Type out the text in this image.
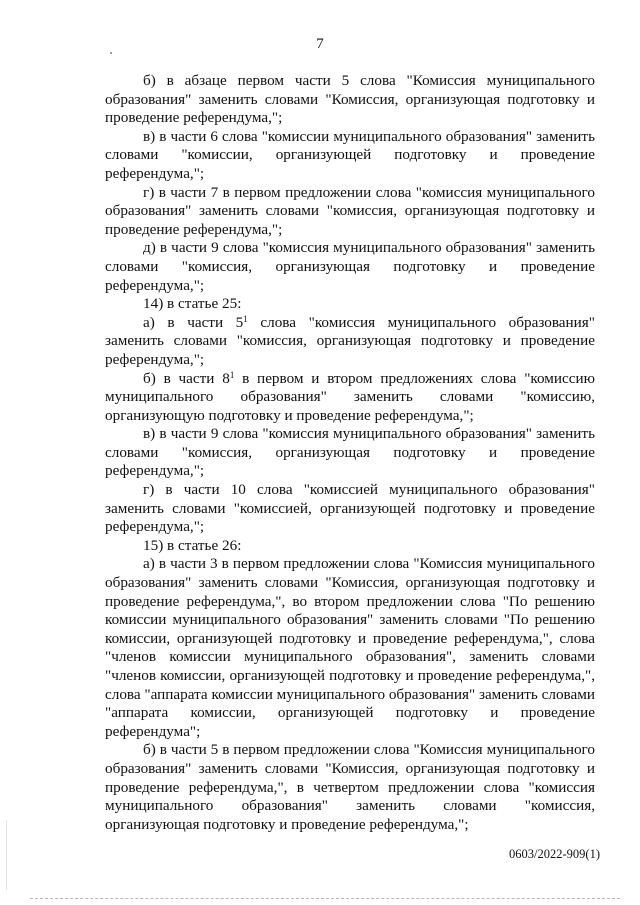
7

б) в абзаце первом части 5 слова "Комиссия муниципального образования" заменить словами "Комиссия, организующая подготовку и проведение референдума,";

в) в части 6 слова "комиссии муниципального образования" заменить словами "комиссии, организующей подготовку и проведение референдума,";

г) в части 7 в первом предложении слова "комиссия муниципального образования" заменить словами "комиссия, организующая подготовку и проведение референдума,";

д) в части 9 слова "комиссия муниципального образования" заменить словами "комиссия, организующая подготовку и проведение референдума,";

14) в статье 25:

а) в части $5^1$ слова "комиссия муниципального образования" заменить словами "комиссия, организующая подготовку и проведение референдума,";

б) в части $8^1$ в первом и втором предложениях слова "комиссию муниципального образования" заменить словами "комиссию, организующую подготовку и проведение референдума,";

в) в части 9 слова "комиссия муниципального образования" заменить словами "комиссия, организующая подготовку и проведение референдума,";

г) в части 10 слова "комиссией муниципального образования" заменить словами "комиссией, организующей подготовку и проведение референдума,";

15) в статье 26:

а) в части 3 в первом предложении слова "Комиссия муниципального образования" заменить словами "Комиссия, организующая подготовку и проведение референдума,", во втором предложении слова "По решению комиссии муниципального образования" заменить словами "По решению комиссии, организующей подготовку и проведение референдума,", слова "членов комиссии муниципального образования", заменить словами "членов комиссии, организующей подготовку и проведение референдума,", слова "аппарата комиссии муниципального образования" заменить словами "аппарата комиссии, организующей подготовку и проведение референдума";

б) в части 5 в первом предложении слова "Комиссия муниципального образования" заменить словами "Комиссия, организующая подготовку и проведение референдума,", в четвертом предложении слова "комиссия муниципального образования" заменить словами "комиссия, организующая подготовку и проведение референдума,";

0603/2022-909(1)
